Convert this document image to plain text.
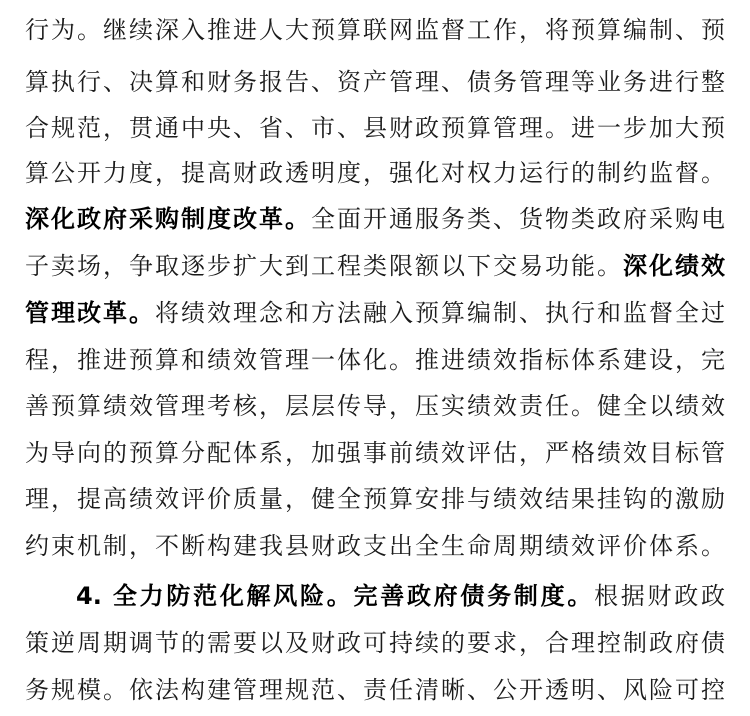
行为。继续深入推进人大预算联网监督工作，将预算编制、预
算执行、决算和财务报告、资产管理、债务管理等业务进行整
合规范，贯通中央、省、市、县财政预算管理。进一步加大预
算公开力度，提高财政透明度，强化对权力运行的制约监督。
深化政府采购制度改革。全面开通服务类、货物类政府采购电
子卖场，争取逐步扩大到工程类限额以下交易功能。深化绩效
管理改革。将绩效理念和方法融入预算编制、执行和监督全过
程，推进预算和绩效管理一体化。推进绩效指标体系建设，完
善预算绩效管理考核，层层传导，压实绩效责任。健全以绩效
为导向的预算分配体系，加强事前绩效评估，严格绩效目标管
理，提高绩效评价质量，健全预算安排与绩效结果挂钩的激励
约束机制，不断构建我县财政支出全生命周期绩效评价体系。
4. 全力防范化解风险。完善政府债务制度。根据财政政
策逆周期调节的需要以及财政可持续的要求，合理控制政府债
务规模。依法构建管理规范、责任清晰、公开透明、风险可控
